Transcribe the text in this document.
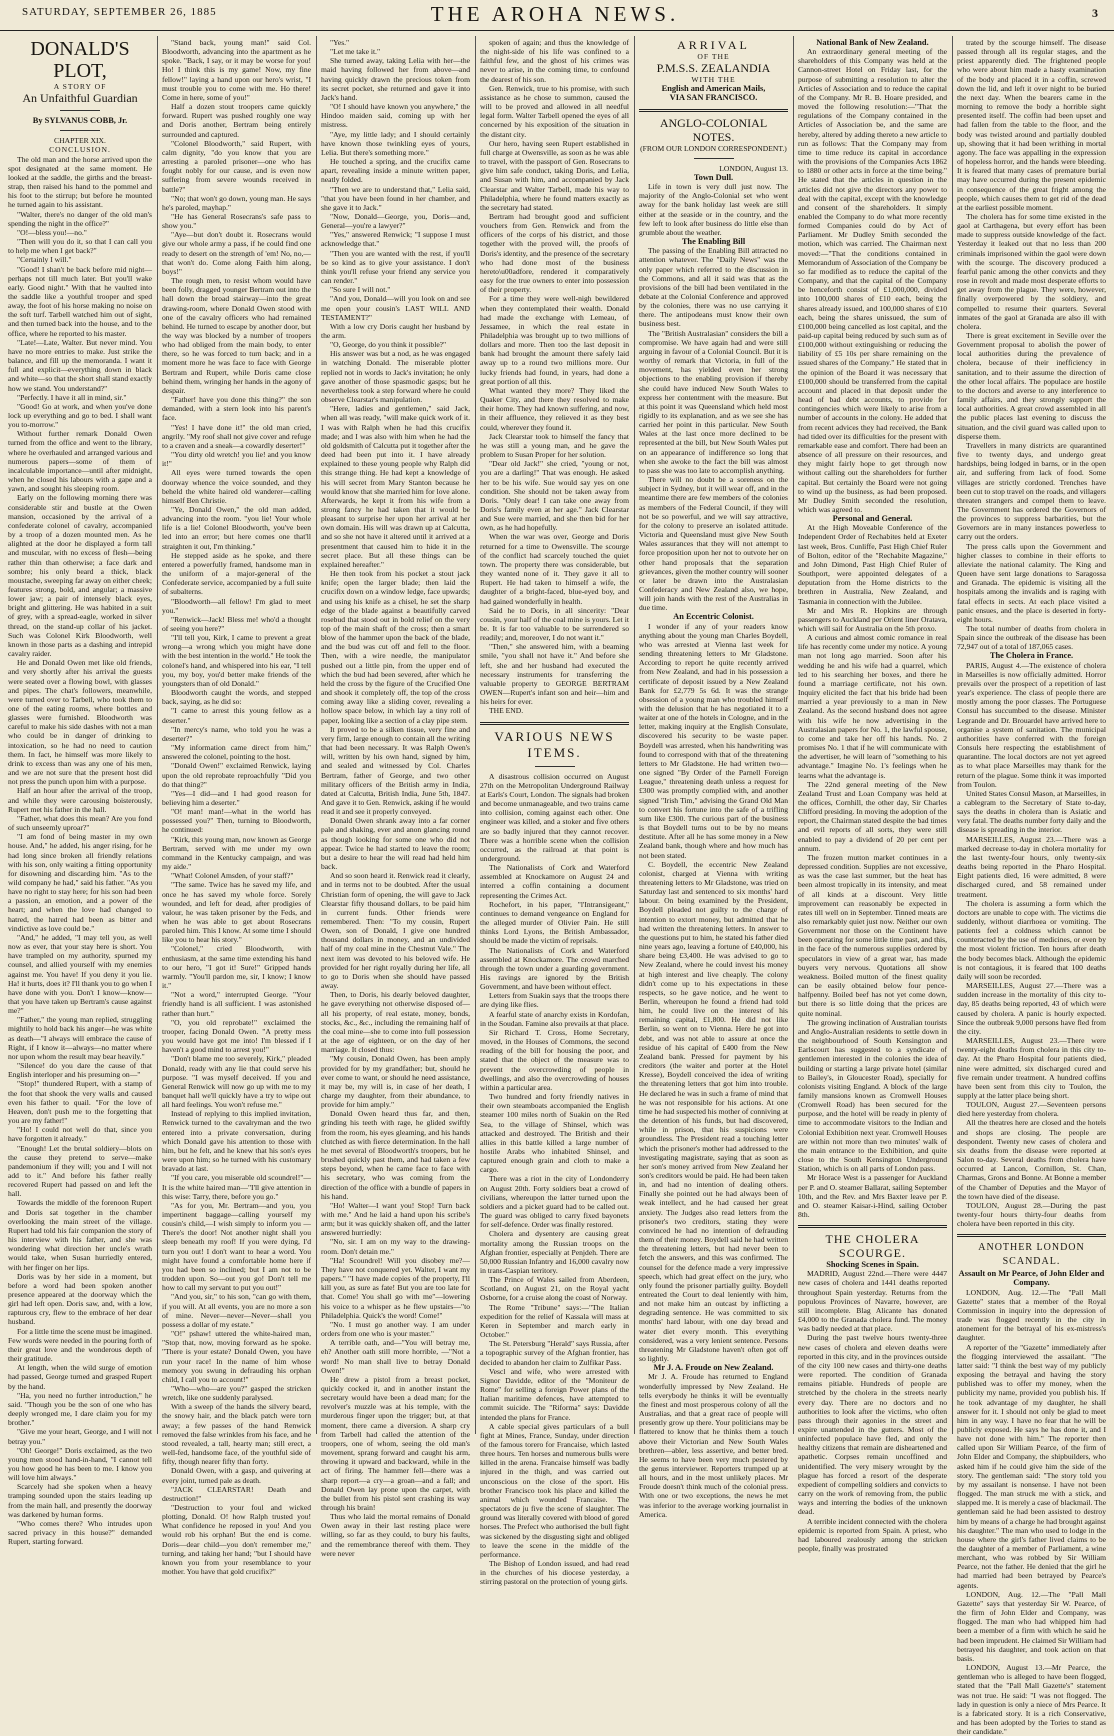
SATURDAY, SEPTEMBER 26, 1885	THE AROHA NEWS.	3

DONALD'S PLOT,

A STORY OF

An Unfaithful Guardian

By SYLVANUS COBB, Jr.

CHAPTER XIX.

CONCLUSION.

The old man and the horse arrived upon the spot designated at the same moment. He looked at the saddle, the girths and the breast-strap, then raised his hand to the pommel and his foot to the stirrup; but before he mounted he turned again to his assistant.

"Walter, there's no danger of the old man's spending the night in the office?"

"O!—bless you!—no."

"Then will you do it, so that I can call you to help me when I get back?"

"Certainly I will."

"Good! I shan't be back before mid night—perhaps not till much later. But you'll wake early. Good night." With that he vaulted into the saddle like a youthful trooper and sped away, the foot of his horse making no noise on the soft turf. Tarbell watched him out of sight, and then turned back into the house, and to the office, where he reported to his master.

"Late!—Late, Walter. But never mind. You have no more entries to make. Just strike the balance, and fill up the memoranda. I want it full and explicit—everything down in black and white—so that the short shall stand exactly how we stand. You understand?"

"Perfectly. I have it all in mind, sir."

"Good! Go at work, and when you've done lock up everything and go to bed. I shall want you to-morrow."

Without further remark Donald Owen turned from the office and went to the library, where he overhauled and arranged various and numerous papers—some of them of incalculable importance—until after midnight, when he closed his labours with a gape and a yawn, and sought his sleeping room.

Early on the following morning there was considerable stir and bustle at the Owen mansion, occasioned by the arrival of a confederate colonel of cavalry, accompanied by a troop of a dozen mounted men. As he alighted at the door he displayed a form tall and muscular, with no excess of flesh—being rather thin than otherwise; a face dark and sombre; his only beard a thick, black moustache, sweeping far away on either cheek; features strong, bold, and angular; a massive lower jaw; a pair of intensely black eyes, bright and glittering. He was habited in a suit of grey, with a spread-eagle, worked in silver thread, on the stand-up collar of his jacket. Such was Colonel Kirk Bloodworth, well known in those parts as a dashing and intrepid cavalry raider.

He and Donald Owen met like old friends, and very shortly after his arrival the guests were seated over a flowing bowl, with glasses and pipes. The chat's followers, meanwhile, were turned over to Tarbell, who took them to one of the eating rooms, where bottles and glasses were furnished. Bloodworth was careful to make his side dashes with not a man who could be in danger of drinking to intoxication, so he had no need to caution them. In fact, he himself was more likely to drink to excess than was any one of his men, and we are not sure that the present host did not press the punch upon him with a purpose.

Half an hour after the arrival of the troop, and while they were carousing boisterously, Rupert met his father in the hall.

"Father, what does this mean? Are you fond of such unseemly uproar?"

"I am fond of being master in my own house. And," he added, his anger rising, for he had long since broken all friendly relations with his son, only waiting a fitting opportunity for disowning and discarding him. "As to the wild company he had," said his father. "As you have no right to stay here; for his son had been a passion, an emotion, and a power of the heart; and when the love had changed to hatred, the hatred had been as bitter and vindictive as love could be."

"And," he added, "I may tell you, as well now as ever, that your stay here is short. You have trampled on my authority, spurned my counsel, and allied yourself with my enemies against me. You have! If you deny it you lie. Ha! it hurts, does it? I'll thank you to go when I have done with you. Don't I know—know—that you have taken up Bertram's cause against me?"

"Father," the young man replied, struggling mightily to hold back his anger—he was white as death—"I always will embrace the cause of Right, if I know it—always—no matter where nor upon whom the result may bear heavily."

"Silence! do you dare the cause of that English interloper and his presuming on—"

"Stop!" thundered Rupert, with a stamp of the foot that shook the very walls and caused even his father to quail. "For the love of Heaven, don't push me to the forgetting that you are my father!"

"Ho! I could not well do that, since you have forgotten it already."

"Enough! Let the brutal soldiery—blots on the cause they pretend to serve—make pandemonium if they will; you and I will not add to it." And before his father really recovered Rupert had passed on and left the hall.

Towards the middle of the forenoon Rupert and Doris sat together in the chamber overlooking the main street of the village. Rupert had told his fair companion the story of his interview with his father, and she was wondering what direction her uncle's wrath would take, when Susan hurriedly entered, with her finger on her lips.

Doris was by her side in a moment, but before a word had been spoken another presence appeared at the doorway which the girl had left open. Doris saw, and, with a low, rapturous cry, flew to the embrace of her dear husband.

For a little time the scene must be imagined. Few words were needed in the pouring forth of their great love and the wonderous depth of their gratitude.

At length, when the wild surge of emotion had passed, George turned and grasped Rupert by the hand.

"Ha, you need no further introduction," he said. "Though you be the son of one who has deeply wronged me, I dare claim you for my brother."

"Give me your heart, George, and I will not betray you."

"Oh! George!" Doris exclaimed, as the two young men stood hand-in-hand, "I cannot tell you how good he has been to me. I know you will love him always."

Scarcely had she spoken when a heavy tramping sounded upon the stairs leading up from the main hall, and presently the doorway was darkened by human forms.

"Who comes there? Who intrudes upon sacred privacy in this house?" demanded Rupert, starting forward.

"Stand back, young man!" said Col. Bloodworth, advancing into the apartment as he spoke. "Back, I say, or it may be worse for you! Ho! I think this is my game! Now, my fine fellow!" laying a hand upon our hero's wrist, "I must trouble you to come with me. Ho there! Come in here, some of you!"

Half a dozen stout troopers came quickly forward. Rupert was pushed roughly one way and Doris another, Bertram being entirely surrounded and captured.

"Colonel Bloodworth," said Rupert, with calm dignity, "do you know that you are arresting a paroled prisoner—one who has fought nobly for our cause, and is even now suffering from severe wounds received in battle?"

"No; that won't go down, young man. He says he's paroled, mayhap."

"He has General Rosecrans's safe pass to show you."

"Aye—but don't doubt it. Rosecrans would give our whole army a pass, if he could find one ready to desert on the strength of 'em! No, no,—that won't do. Come along Faith him along, boys!"

The rough men, to resist whom would have been folly, dragged younger Bertram out into the hall down the broad stairway—into the great drawing-room, where Donald Owen stood with one of the cavalry officers who had remained behind. He turned to escape by another door, but the way was blocked by a number of troopers who had obliged from the main body, to enter there, so he was forced to turn back; and in a moment more he was face to face with George Bertram and Rupert, while Doris came close behind them, wringing her hands in the agony of despair.

"Father! have you done this thing?" the son demanded, with a stern look into his parent's face.

"Yes! I have done it!" the old man cried, angrily. "My roof shall not give cover and refuge to a craven and a sneak—a cowardly deserter!"

"You dirty old wretch! you lie! and you know it!"

All eyes were turned towards the open doorway whence the voice sounded, and they beheld the white haired old wanderer—calling himself Ben Christie.

"Ye, Donald Owen," the old man added, advancing into the room. "you lie! Your whole life is a lie! Colonel Bloodworth, you've been led into an error; but here comes one that'll straighten it out, I'm thinking."

He stepped aside as he spoke, and there entered a powerfully framed, handsome man in the uniform of a major-general of the Confederate service, accompanied by a full suite of subalterns.

"Bloodworth—all fellow! I'm glad to meet you."

"Renwick—Jack! Bless me! who'd a thought of seeing you here?"

"I'll tell you, Kirk, I came to prevent a great wrong—a wrong which you might have done with the best intention in the world." He took the colonel's hand, and whispered into his ear, "I tell you, my boy, you'd better make friends of the youngsters than of old Donald."

Bloodworth caught the words, and stepped back, saying, as he did so:

"I came to arrest this young fellow as a deserter."

"In mercy's name, who told you he was a deserter?"

"My information came direct from him," answered the colonel, pointing to the host.

"Donald Owen!" exclaimed Renwick, laying upon the old reprobate reproachfully "Did you do that thing?"

"Yes—I did—and I had good reason for believing him a deserter."

"O! man! man!—what in the world has possessed you?" Then, turning to Bloodworth, he continued:

"Kirk, this young man, now known as George Bertram, served with me under my own command in the Kentucky campaign, and was my aide."

"What! Colonel Amsden, of your staff?"

"The same. Twice has he saved my life, and once he has saved my whole force. Sorely wounded, and left for dead, after prodigies of valour, he was taken prisoner by the Feds, and when he was able to get about Rosecrans paroled him. This I know. At some time I should like you to hear his story."

"Colonel," cried Bloodworth, with enthusiasm, at the same time extending his hand to our hero, "I got it! Sure!" Gripped hands warmly. "You'll pardon me, sir, I know; I know it."

"Not a word," interrupted George. "Your friendly hand is all sufficient. I was astonished rather than hurt."

"O, you old reprobate!" exclaimed the trooper, facing Donald Owen. "A pretty mess you would have got me into! I'm blessed if I haven't a good mind to arrest you!"

"Don't blame me too severely, Kirk," pleaded Donald, ready with any lie that could serve his purpose. "I was myself deceived. If you and General Renwick will now go up with me to my banquet hall we'll quickly have a try to wipe out all hard feelings. You won't refuse me."

Instead of replying to this implied invitation, Renwick turned to the cavalryman and the two entered into a private conversation, during which Donald gave his attention to those with him, but he felt, and he knew that his son's eyes were upon him; so he turned with his customary bravado at last.

"If you care, you miserable old scoundrel!"—It is the white haired man—"I'll give attention in this wise: Tarry, there, before you go."

"As for you, Mr. Bertram—and you, you impertinent baggage—calling yourself my cousin's child,—I wish simply to inform you —There's the door! Not another night shall you sleep beneath my roof! If you were dying, I'd turn you out! I don't want to hear a word. You might have found a comfortable home here if you had been so inclined; but I am not to be trodden upon. So—out you go! Don't tell me how to call my servant to put you out!"

"And you, sir," to his son, "can go with them, if you will. At all events, you are no more a son of mine. Never—never—Never—shall you possess a dollar of my estate."

"O!" pshaw! uttered the white-haired man, "Stop that, now, moving forward as he spoke. "There is your estate? Donald Owen, you have run your race! In the name of him whose memory you swung in defrauding his orphan child, I call you to account!"

"Who—who—are you?" gasped the stricken wretch, like one suddenly paralysed.

With a sweep of the hands the silvery beard, the snowy hair, and the black patch were torn away; a few passes of the hand Renwick removed the false wrinkles from his face, and he stood revealed, a tall, hearty man; still erect, a well-fed, handsome face, of the youthful side of fifty, though nearer fifty than forty.

Donald Owen, with a gasp, and quivering at every joint, turned pale as death.

"JACK CLEARSTAR! Death and destruction!"

"Destruction to your foul and wicked plotting, Donald. O! how Ralph trusted you! What confidence he reposed in you! And you would rob his orphan! But the end is come. Doris—dear child—you don't remember me," turning, and taking her hand; "but I should have known you from your resemblance to your mother. You have that gold crucifix?"

"Yes."

"Let me take it."

She turned away, taking Lelia with her—the maid having followed her from above—and having quickly drawn the precious token from its secret pocket, she returned and gave it into Jack's hand.

"O! I should have known you anywhere," the Hindoo maiden said, coming up with her mistress.

"Aye, my little lady; and I should certainly have known those twinkling eyes of yours, Lelia. But there's something more."

He touched a spring, and the crucifix came apart, revealing inside a minute written paper, neatly folded.

"Then we are to understand that," Lelia said, "that you have been found in her chamber, and she gave it to Jack."

"Now, Donald—George, you, Doris—and, General—you're a lawyer?"

"Yes," answered Renwick; "I suppose I must acknowledge that."

"Then you are wanted with the rest, if you'll be so kind as to give your assistance. I don't think you'll refuse your friend any service you can render."

"So sure I will not."

"And you, Donald—will you look on and see me open your cousin's LAST WILL AND TESTAMENT?"

With a low cry Doris caught her husband by the arm.

"O, George, do you think it possible?"

His answer was but a nod, as he was engaged in watching Donald. The miserable plotter replied not in words to Jack's invitation; he only gave another of those spasmodic gasps; but he nevertheless took a step forward where he could observe Clearstar's manipulation.

"Here, ladies and gentlemen," said Jack, when all was ready, "will make quick work of it. I was with Ralph when he had this crucifix made; and I was also with him when he had the old goldsmith of Calcutta put it together after the deed had been put into it. I have already explained to these young people why Ralph did this strange thing. He had kept a knowledge of his will secret from Mary Stanton because he would know that she married him for love alone. Afterwards, he kept it from his wife from a strong fancy he had taken that it would be pleasant to surprise her upon her arrival at her own domain. His will was drawn up at Calcutta, and so she not have it altered until it arrived at a presentment that caused him to hide it in the secret place. But all these things can be explained hereafter."

He then took from his pocket a stout jack knife; open the larger blade; then laid the crucifix down on a window ledge, face upwards; and using his knife as a chisel, he set the sharp edge of the blade against a beautifully carved rosebud that stood out in bold relief on the very top of the main shaft of the cross; then a smart blow of the hammer upon the back of the blade, and the bud was cut off and fell to the floor. Then, with a wire needle, the manipulator pushed out a little pin, from the upper end of which the bud had been severed, after which he held the cross by the figure of the Crucified One and shook it completely off, the top of the cross coming away like a sliding cover, revealing a hollow space below, in which lay a tiny roll of paper, looking like a section of a clay pipe stem.

It proved to be a silken tissue, very fine and very firm, large enough to contain all the writing that had been necessary. It was Ralph Owen's will, written by his own hand, signed by him, and sealed and witnessed by Col. Charles Bertram, father of George, and two other military officers of the British army in India, dated at Calcutta, British India, June 5th, 1847. And gave it to Gen. Renwick, asking if he would read it and see it properly conveyed.

Donald Owen shrank away into a far corner pale and shaking, ever and anon glancing round as though looking for some one who did not appear. Twice he had started to leave the room; but a desire to hear the will read had held him back.

And so soon heard it. Renwick read it clearly, and in terms not to be doubted. After the usual Christian form of opening, the will gave to Jack Clearstar fifty thousand dollars, to be paid him in current funds. Other friends were remembered. Then: "To my cousin, Rupert Owen, son of Donald, I give one hundred thousand dollars in money, and an undivided half of my coal mine in the Chestnut Vale." The next item was devoted to his beloved wife. He provided for her right royally during her life, all to go to Doris when she should have passed away.

Then, to Doris, his dearly beloved daughter, he gave everything not otherwise disposed of—all his property, of real estate, money, bonds, stocks, &c., &c., including the remaining half of the coal mine—she to come into full possession at the age of eighteen, or on the day of her marriage. It closed thus:

"My cousin, Donald Owen, has been amply provided for by my grandfather; but, should he ever come to want, or should he need assistance, it may be, my will is, in case of her death, I charge my daughter, from their abundance, to provide for him amply."

Donald Owen heard thus far, and then, grinding his teeth with rage, he glided swiftly from the room, his eyes gleaming, and his hands clutched as with fierce determination. In the hall he met several of Bloodworth's troopers, but he brushed quickly past them, and had taken a few steps beyond, when he came face to face with his secretary, who was coming from the direction of the office with a bundle of papers in his hand.

"Ho! Walter—I want you! Stop! Turn back with me." And he laid a hand upon his scribe's arm; but it was quickly shaken off, and the latter answered hurriedly:

"No, sir. I am on my way to the drawing-room. Don't detain me."

"Ha! Scoundrel! Will you disobey me?—They have not conquered yet. Walter, I want my papers." "I have made copies of the property, I'll kill you, as sure as fate! But you are too late for that. Come! You shall go with me"—lowering his voice to a whisper as he flew upstairs—"to Philadelphia. Quick's the word! Come!"

"No. I must go another way. I am under orders from one who is your master."

A terrible oath, and—"You will betray me, eh? Another oath still more horrible, —"Not a word! No man shall live to betray Donald Owen!"

He drew a pistol from a breast pocket, quickly cocked it, and in another instant the secretary would have been a dead man; for the revolver's muzzle was at his temple, with the murderous finger upon the trigger; but, at that moment, there came a diversion. A sharp cry from Tarbell had called the attention of the troopers, one of whom, seeing the old man's movement, sprang forward and caught his arm, throwing it upward and backward, while in the act of firing. The hammer fell—there was a sharp report—a cry—a groan—and a fall; and Donald Owen lay prone upon the carpet, with the bullet from his pistol sent crashing its way through his brain!

Thus who laid the mortal remains of Donald Owen away in their last resting place were willing, so far as they could, to bury his faults, and the remembrance thereof with them. They were never

spoken of again; and thus the knowledge of the night-side of his life was confined to a faithful few, and the ghost of his crimes was never to arise, in the coming time, to confound the dearest of his son.

Gen. Renwick, true to his promise, with such assistance as he chose to summon, caused the will to be proved and allowed in all needful legal form. Walter Tarbell opened the eyes of all concerned by his exposition of the situation in the distant city.

Our hero, having seen Rupert established in full charge at Owensville, as soon as he was able to travel, with the passport of Gen. Rosecrans to give him safe conduct, taking Doris, and Lelia, and Susan with him, and accompanied by Jack Clearstar and Walter Tarbell, made his way to Philadelphia, where he found matters exactly as the secretary had stated.

Bertram had brought good and sufficient vouchers from Gen. Renwick and from the officers of the corps of his district, and those together with the proved will, the proofs of Doris's identity, and the presence of the secretary who had done most of the business hereto\u00adfore, rendered it comparatively easy for the true owners to enter into possession of their property.

For a time they were well-nigh bewildered when they contemplated their wealth. Donald had made the exchange with Lemeau, of Jessamee, in which the real estate in Philadelphia was brought up to two millions of dollars and more. Then too the last deposit in bank had brought the amount there safely laid away up to a round two millions more. Our lucky friends had found, in years, had done a great portion of all this.

What wanted they more? They liked the Quaker City, and there they resolved to make their home. They had known suffering, and now, in their affluence, they relieved it as they best could, wherever they found it.

Jack Clearstar took to himself the fancy that he was still a young man, and he gave the problem to Susan Proper for her solution.

"Dear old Jack!" she cried, "young or not, you are a darling!" That was enough. He asked her to be his wife. Sue would say yes on one condition. She should not be taken away from Doris. "Only dear! I can take one away from Doris's family even at her age." Jack Clearstar and Sue were married, and she then bid for her own, as he had hopefully.

When the war was over, George and Doris returned for a time to Owensville. The scourge of the conflict had scarcely touched the quiet town. The property there was considerable, but they wanted none of it. They gave it all to Rupert. He had taken to himself a wife, the daughter of a bright-faced, blue-eyed boy, and had gained wonderfully in health.

Said he to Doris, in all sincerity: "Dear cousin, your half of the coal mine is yours. Let it be. It is far too valuable to be surrendered so readily; and, moreover, I do not want it."

"Then," she answered him, with a beaming smile, "you shall not have it." And before she left, she and her husband had executed the necessary instruments for transferring the valuable property to GEORGE BERTRAM OWEN—Rupert's infant son and heir—him and his heirs for ever.

THE END.

VARIOUS NEWS ITEMS.

A disastrous collision occurred on August 27th on the Metropolitan Underground Railway at Earls's Court, London. The signals had broken and become unmanageable, and two trains came into collision, coming against each other. One engineer was killed, and a stoker and five others are so badly injured that they cannot recover. There was a horrible scene when the collision occurred, as the railroad at that point is underground.

The Nationalists of Cork and Waterford assembled at Knockamore on August 24 and interred a coffin containing a document representing the Crimes Act.

Rochefort, in his paper, "l'Intransigeant," continues to demand vengeance on England for the alleged murder of Olivier Pain. He still thinks Lord Lyons, the British Ambassador, should be made the victim of reprisals.

The Nationalists of Cork and Waterford assembled at Knockamore. The crowd marched through the town under a guarding government. His ravings are ignored by the British Government, and have been without effect.

Letters from Suakin says that the troops there are dying like flies.

A fearful state of anarchy exists in Kordofan, in the Soudan. Famine also prevails at that place.

Sir Richard T. Cross, Home Secretary, moved, in the Houses of Commons, the second reading of the bill for housing the poor, and stated that the object of the measure was to prevent the overcrowding of people in dwellings, and also the overcrowding of houses within a particular area.

Two hundred and forty friendly natives in their own steamboats accompanied the English steamer 100 miles north of Suakin on the Red Sea, to the village of Shinsel, which was attacked and destroyed. The British and their allies in this battle killed a large number of hostile Arabs who inhabited Shinsel, and captured enough grain and cloth to make a cargo.

There was a riot in the city of Londonderry on August 20th. Forty soldiers beat a crowd of civilians, whereupon the latter turned upon the soldiers and a picket guard had to be called out. The guard was obliged to carry fixed bayonets for self-defence. Order was finally restored.

Cholera and dysentery are causing great mortality among the Russian troops on the Afghan frontier, especially at Penjdeh. There are 50,000 Russian Infantry and 16,000 cavalry now in trans-Caspian territory.

The Prince of Wales sailed from Aberdeen, Scotland, on August 21, on the Royal yacht Osborne, for a cruise along the coast of Norway.

The Rome "Tribune" says:—"The Italian expedition for the relief of Kassala will mass at Keren in September and march early in October."

The St. Petersburg "Herald" says Russia, after a topographic survey of the Afghan frontier, has decided to abandon her claim to Zulfikar Pass.

Vescl and wife, who were arrested with Signor Davidde, editor of the "Moniteur de Rome" for selling a foreign Power plans of the Italian maritime defences, have attempted to commit suicide. The "Riforma" says: Davidde intended the plans for France.

A cable special gives particulars of a bull fight at Mines, France, Sunday, under direction of the famous torero for Francaise, which lasted three hours. Ten horses and numerous bulls were killed in the arena. Francaise himself was badly injured in the thigh, and was carried out unconscious on the close of the sport. His brother Francisco took his place and killed the animal which wounded Francaise. The spectators de ju five the scene of slaughter. The ground was literally covered with blood of gored horses. The Prefect who authorised the bull fight was sickened by the disgusting sight and obliged to leave the scene in the middle of the performance.

The Bishop of London issued, and had read in the churches of his diocese yesterday, a stirring pastoral on the protection of young girls.

ARRIVAL

OF THE

P.M.S.S. ZEALANDIA

WITH THE

English and American Mails,

VIA SAN FRANCISCO.

ANGLO-COLONIAL NOTES.

(FROM OUR LONDON CORRESPONDENT.)

LONDON, August 13.

Town Dull.

Life in town is very dull just now. The majority of the Anglo-Colonial set who went away for the bank holiday last week are still either at the seaside or in the country, and the few left to look after business do little else than grumble about the weather.

The Enabling Bill

The passing of the Enabling Bill attracted no attention whatever. The "Daily News" was the only paper which referred to the discussion in the Commons, and all it said was that as the provisions of the bill had been ventilated in the debate at the Colonial Conference and approved by the colonies, there was no use carrying it there. The antipodeans must know their own business best.

The "British Australasian" considers the bill a compromise. We have again had and were still arguing in favour of a Colonial Council. But it is worthy of remark that Victoria, in full of the movement, has yielded even her strong objections to the enabling provision if thereby she could have induced New South Wales to express her contentment with the measure. But at this point it was Queensland which held most rigidly to its explanation, and as we see she has carried her point in this particular. New South Wales at the last once more declined to be represented at the bill, but New South Wales put on an appearance of indifference so long that when she awoke to the fact the bill was almost to pass she was too late to accomplish anything.

There will no doubt be a soreness on the subject in Sydney, but it will wear off, and in the meantime there are few members of the colonies as members of the Federal Council, if they will not be so powerful, and we will say attractive, for the colony to preserve an isolated attitude. Victoria and Queensland must give New South Wales assurances that they will not attempt to force proposition upon her not to outvote her on other hand proposals that the separation grievances, given the mother country will sooner or later be drawn into the Australasian Confederacy and New Zealand also, we hope, will join hands with the rest of the Australias in due time.

An Eccentric Colonist.

I wonder if any of your readers know anything about the young man Charles Boydell, who was arrested at Vienna last week for sending threatening letters to Mr Gladstone. According to report he quite recently arrived from New Zealand, and had in his possession a certificate of deposit issued by a New Zealand Bank for £2,779 5s 6d. It was the strange obsession of a young man who troubled himself with the delusion that he has negotiated it to a waiter at one of the hotels in Cologne, and in the letter, making inquiry at the English Consulate, discovered his security to be waste paper. Boydell was arrested, when his handwriting was found to correspond with that of the threatening letters to Mr Gladstone. He had written two—one signed "By Order of the Parnell Foreign League," threatening death unless a request for £300 was promptly complied with, and another signed "Irish Tim," advising the Grand Old Man to convert his fortune into the safe of a trifling sum like £300. The curious part of the business is that Boydell turns out to be by no means destitute. After all he has some money in a New Zealand bank, though where and how much has not been stated.

C. Boydell, the eccentric New Zealand colonist, charged at Vienna with writing threatening letters to Mr Gladstone, was tried on Saturday last and sentenced to six months' hard labour. On being examined by the President, Boydell pleaded not guilty to the charge of intention to extort money, but admitted that he had written the threatening letters. In answer to the questions put to him, he stated his father died nine years ago, leaving a fortune of £40,000, his share being £3,400. He was advised to go to New Zealand, where he could invest his money at high interest and live cheaply. The colony didn't come up to his expectations in these respects, so he gave notice, and he went to Berlin, whereupon he found a friend had told him, he could live on the interest of his remaining capital, £1,800. He did not like Berlin, so went on to Vienna. Here he got into debt, and was not able to assure at once the residue of his capital of £400 from the New Zealand bank. Pressed for payment by his creditors (the waiter and porter at the Hotel Kresse), Boydell conceived the idea of writing the threatening letters that got him into trouble. He declared he was in such a frame of mind that he was not responsible for his actions. At one time he had suspected his mother of conniving at the detention of his funds, but had discovered, while in prison, that his suspicions were groundless. The President read a touching letter which the prisoner's mother had addressed to the investigating magistrate, saying that as soon as her son's money arrived from New Zealand her son's creditors would be paid. He had been taken in, and had no intention of dealing others. Finally she pointed out he had always been of weak intellect, and he had caused her great anxiety. The Judges also read letters from the prisoner's two creditors, stating they were convinced he had no intention of defrauding them of their money. Boydell said he had written the threatening letters, but had never been to fetch the answers, and this was confirmed. The counsel for the defence made a very impressive speech, which had great effect on the jury, who only found the prisoner partially guilty. Boydell entreated the Court to deal leniently with him, and not make him an outcast by inflicting a degrading sentence. He was committed to six months' hard labour, with one day bread and water diet every month. This everything considered, was a very lenient sentence. Persons threatening Mr Gladstone haven't often got off so lightly.

Mr J. A. Froude on New Zealand.

Mr J. A. Froude has returned to England wonderfully impressed by New Zealand. He tells everybody he thinks it will be eventually the finest and most prosperous colony of all the Australias, and that a great race of people will presently grow up there. Your politicians may be flattered to know that he thinks them a touch above their Victorian and New South Wales brethren—abler, less assertive, and better bred. He seems to have been very much pestered by the genus interviewer. Reporters trumped up at all hours, and in the most unlikely places. Mr Froude doesn't think much of the colonial press. With one or two exceptions, the news he met was inferior to the average working journalist in America.

National Bank of New Zealand.

An extraordinary general meeting of the shareholders of this Company was held at the Cannon-street Hotel on Friday last, for the purpose of submitting a resolution to alter the Articles of Association and to reduce the capital of the Company. Mr R. B. Hoare presided, and moved the following resolution:—"That the regulations of the Company contained in the Articles of Association be, and the same are hereby, altered by adding thereto a new article to run as follows: That the Company may from time to time reduce its capital in accordance with the provisions of the Companies Acts 1862 to 1880 or other acts in force at the time being." He stated that the articles in question in the articles did not give the directors any power to deal with the capital, except with the knowledge and consent of the shareholders. It simply enabled the Company to do what more recently formed Companies could do by Act of Parliament. Mr Dudley Smith seconded the motion, which was carried. The Chairman next moved:—"That the conditions contained in Memorandum of Association of the Company be so far modified as to reduce the capital of the Company, and that the capital of the Company be henceforth consist of £1,000,000, divided into 100,000 shares of £10 each, being the shares already issued, and 100,000 shares of £10 each, being the shares unissued, the sum of £100,000 being cancelled as lost capital, and the paid-up capital being reduced by such sum as of £100,000 without extinguishing or reducing the liability of £5 10s per share remaining on the issued shares of the Company." He stated that in the opinion of the Board it was necessary that £100,000 should be transferred from the capital account and placed in that deposit under the head of bad debt accounts, to provide for contingencies which were likely to arise from a number of accounts in the colony. He added that from recent advices they had received, the Bank had tided over its difficulties for the present with remarkable ease and comfort. There had been an absence of all pressure on their resources, and they might fairly hope to get through now without calling out the shareholders for further capital. But certainly the Board were not going to wind up the business, as had been proposed. Mr Dudley Smith seconded the resolution, which was agreed to.

Personal and General.

At the High Moveable Conference of the Independent Order of Rechabites held at Exeter last week, Bros. Cunliffe, Past High Chief Ruler of Bolton, editor of the "Rechabite Magazine," and John Dimond, Past High Chief Ruler of Southport, were appointed delegates of a deputation from the Home districts to the brethren in Australia, New Zealand, and Tasmania in connection with the Jubilee.

Mr and Mrs R. Hopkins are through passengers to Auckland per Orient liner Oratava, which will sail for Australia on the 5th proxo.

A curious and almost comic romance in real life has recently come under my notice. A young man not long ago married. Soon after his wedding he and his wife had a quarrel, which led to his searching her boxes, and there he found a marriage certificate, not his own. Inquiry elicited the fact that his bride had been married a year previously to a man in New Zealand. As the second husband does not agree with his wife he now advertising in the Australasian papers for No. 1, the lawful spouse, to come and take her off his hands. No. 2 promises No. 1 that if he will communicate with the advertiser, he will learn of "something to his advantage." Imagine No. 1's feelings when he learns what the advantage is.

The 22nd general meeting of the New Zealand Trust and Loan Company was held at the offices, Cornhill, the other day, Sir Charles Clifford presiding. In moving the adoption of the report, the Chairman stated despite the bad times and evil reports of all sorts, they were still enabled to pay a dividend of 20 per cent per annum.

The frozen mutton market continues in a depressed condition. Supplies are not excessive, as was the case last summer, but the heat has been almost tropically in its intensity, and meat of all kinds at a discount. Very little improvement can reasonably be expected in rates till well on in September. Tinned meats are also remarkably quiet just now. Neither our own Government nor those on the Continent have been operating for some little time past, and this, in the face of the numerous supplies ordered by speculators in view of a great war, has made buyers very nervous. Quotations all show weakness. Boiled mutton of the finest quality can be easily obtained below four pence-halfpenny. Boiled beef has not yet come down, but there is so little doing that the prices are quite nominal.

The growing inclination of Australian tourists and Anglo-Australian residents to settle down in the neighbourhood of South Kensington and Earlscourt has suggested to a syndicate of gentlemen interested in the colonies the idea of building or starting a large private hotel (similar to Bailey's, in Gloucester Road), specially for colonists visiting England. A block of the large family mansions known as Cromwell Houses (Cromwell Road) has been secured for the purpose, and the hotel will be ready in plenty of time to accommodate visitors to the Indian and Colonial Exhibition next year. Cromwell Houses are within not more than two minutes' walk of the main entrance to the Exhibition, and quite close to the South Kensington Underground Station, which is on all parts of London pass.

Mr Horace West is a passenger for Auckland per P. and O. steamer Ballarat, sailing September 10th, and the Rev. and Mrs Baxter leave per P. and O. steamer Kaisar-i-Hind, sailing October 8th.

THE CHOLERA SCOURGE.

Shocking Scenes in Spain.

MADRID, August 22nd.—There were 4447 new cases of cholera and 1441 deaths reported throughout Spain yesterday. Returns from the populous Provinces of Navarre, however, are still incomplete. Blag Alicante has donated £4,000 to the Granada cholera fund. The money was badly needed at that place.

During the past twelve hours twenty-three new cases of cholera and eleven deaths were reported in this city, and in the provinces outside of the city 100 new cases and thirty-one deaths were reported. The condition of Granada remains pitiable. Hundreds of people are stretched by the cholera in the streets nearly every day. There are no doctors and no authorities to look after the victims, who often pass through their agonies in the street and expire unattended in the gutters. Most of the uninfected populace have fled, and only the healthy citizens that remain are disheartened and apathetic. Corpses remain uncoffined and unidentified. The very misery wrought by the plague has forced a resort of the desperate expedient of compelling soldiers and convicts to carry on the work of removing from, the public ways and interring the bodies of the unknown dead.

A terrible incident connected with the cholera epidemic is reported from Spain. A priest, who had laboured zealously among the stricken people, finally was prostrated

trated by the scourge himself. The disease passed through all its regular stages, and the priest apparently died. The frightened people who were about him made a hasty examination of the body and placed it in a coffin, screwed down the lid, and left it over night to be buried the next day. When the bearers came in the morning to remove the body a horrible sight presented itself. The coffin had been upset and had fallen from the table to the floor, and the body was twisted around and partially doubled up, showing that it had been writhing in mortal agony. The face was appalling in the expression of hopeless horror, and the hands were bleeding. It is feared that many cases of premature burial may have occurred during the present epidemic in consequence of the great fright among the people, which causes them to get rid of the dead at the earliest possible moment.

The cholera has for some time existed in the gaol at Carthagena, but every effort has been made to suppress outside knowledge of the fact. Yesterday it leaked out that no less than 200 criminals imprisoned within the gaol were down with the scourge. The discovery produced a fearful panic among the other convicts and they rose in revolt and made most desperate efforts to get away from the plague. They were, however, finally overpowered by the soldiery, and compelled to resume their quarters. Several inmates of the gaol at Granada are also ill with cholera.

There is great excitement in Seville over the Government proposal to abolish the power of local authorities during the prevalence of cholera, because of their inefficiency in sanitation, and to their assume the direction of the other local affairs. The populace are hostile to the doctors and averse to any interference to family affairs, and they strongly support the local authorities. A great crowd assembled in all the public places last evening to discuss the situation, and the civil guard was called upon to disperse them.

Travellers in many districts are quarantined five to twenty days, and undergo great hardships, being lodged in barns, or in the open air, and suffering from lack of food. Some villages are strictly cordoned. Trenches have been cut to stop travel on the roads, and villagers threaten strangers and compel them to leave. The Government has ordered the Governors of the provinces to suppress barbarities, but the Governors are in many instances powerless to carry out the orders.

The press calls upon the Government and higher classes to combine in their efforts to alleviate the national calamity. The King and Queen have sent large donations to Saragossa and Granada. The epidemic is visiting all the hospitals among the invalids and is raging with fatal effects in sects. At each place visited a panic ensues, and the place is deserted in forty-eight hours.

The total number of deaths from cholera in Spain since the outbreak of the disease has been 72,947 out of a total of 187,065 cases.

The Cholera in France.

PARIS, August 4.—The existence of cholera in Marseilles is now officially admitted. Horror prevails over the prospect of a repetition of last year's experience. The class of people there are mostly among the poor classes. The Portuguese Consul has succumbed to the disease. Minister Legrande and Dr. Brouardel have arrived here to organise a system of sanitation. The municipal authorities have conferred with the foreign Consuls here respecting the establishment of quarantine. The local doctors are not yet agreed as to what place Marseilles may thank for the return of the plague. Some think it was imported from Toulon.

United States Consul Mason, at Marseilles, in a cablegram to the Secretary of State to-day, says the deaths in cholera than is Asiatic and very fatal. The deaths number forty daily and the disease is spreading in the interior.

MARSEILLES, August 23.—There was a marked decrease to-day in cholera mortality for the last twenty-four hours, only twenty-six deaths being reported in the Pharo Hospital. Eight patients died, 16 were admitted, 8 were discharged cured, and 58 remained under treatment.

The cholera is assuming a form which the doctors are unable to cope with. The victims die suddenly, without diarrhoea or vomiting. The patients feel a coldness which cannot be counteracted by the use of medicines, or even by the most violent friction. Ten hours after death the body becomes black. Although the epidemic is not contagious, it is feared that 100 deaths daily will soon be recorded.

MARSEILLES, August 27.—There was a sudden increase in the mortality of this city to-day, 85 deaths being reported, 43 of which were caused by cholera. A panic is hourly expected. Since the outbreak 9,000 persons have fled from the city.

MARSEILLES, August 23.—There were twenty-eight deaths from cholera in this city to-day. At the Pharo Hospital four patients died, nine were admitted, six discharged cured and five remain under treatment. A hundred coffins have been sent from this city to Toulon, the supply at the latter place being short.

TOULON, August 27.—Seventeen persons died here yesterday from cholera.

All the theatres here are closed and the hotels and shops are closing. The people are despondent. Twenty new cases of cholera and six deaths from the disease were reported at Salon to-day. Several deaths from cholera have occurred at Lancon, Cornillon, St. Chan, Charmas, Grons and Bonne. At Bonne a member of the Chamber of Deputies and the Mayor of the town have died of the disease.

TOULON, August 28.—During the past twenty-four hours thirty-four deaths from cholera have been reported in this city.

ANOTHER LONDON SCANDAL.

Assault on Mr Pearce, of John Elder and Company.

LONDON, Aug. 12.—The "Pall Mall Gazette" states that a member of the Royal Commission in inquiry into the depression of trade was flogged recently in the city in atonement for the betrayal of his ex-mistress's daughter.

A reporter of the "Gazette" immediately after the flogging interviewed the assailant. "The latter said: "I think the best way of my publicly exposing the betrayal and having the story published was to offer my money, when the publicity my name, provided you publish his. If he took advantage of my daughter, he shall answer for it. I should not only be glad to meet him in any way. I have no fear that he will be publicly exposed. He says he has done it, and I have not done with him." The reporter then called upon Sir William Pearce, of the firm of John Elder and Company, the shipbuilders, who asked him if he could give him the side of the story. The gentleman said: "The story told you by my assailant is nonsense. I have not been flogged. The man struck me with a stick, and slapped me. It is merely a case of blackmail. The gentleman said he had been assisted to destroy him by means of a charge he had brought against his daughter." The man who used to lodge in the house where the girl's father lived claims to be the daughter of a member of Parliament, a wine merchant, who was robbed by Sir William Pearce, not the father. He denied that the girl he had married had been betrayed by Pearce's agents.

LONDON, Aug. 12.—The "Pall Mall Gazette" says that yesterday Sir W. Pearce, of the firm of John Elder and Company, was flogged. The man who had whipped him had been a member of a firm with which he said he had been imprudent. He claimed Sir William had betrayed his daughter, and took action on that basis.

LONDON, August 13.—Mr Pearce, the gentleman who is alleged to have been flogged, stated that the "Pall Mall Gazette's" statement was not true. He said: "I was not flogged. The lady in question is only a niece of Mrs Pearce. It is a fabricated story. It is a rich Conservative, and has been adopted by the Tories to stand as their candidate."
